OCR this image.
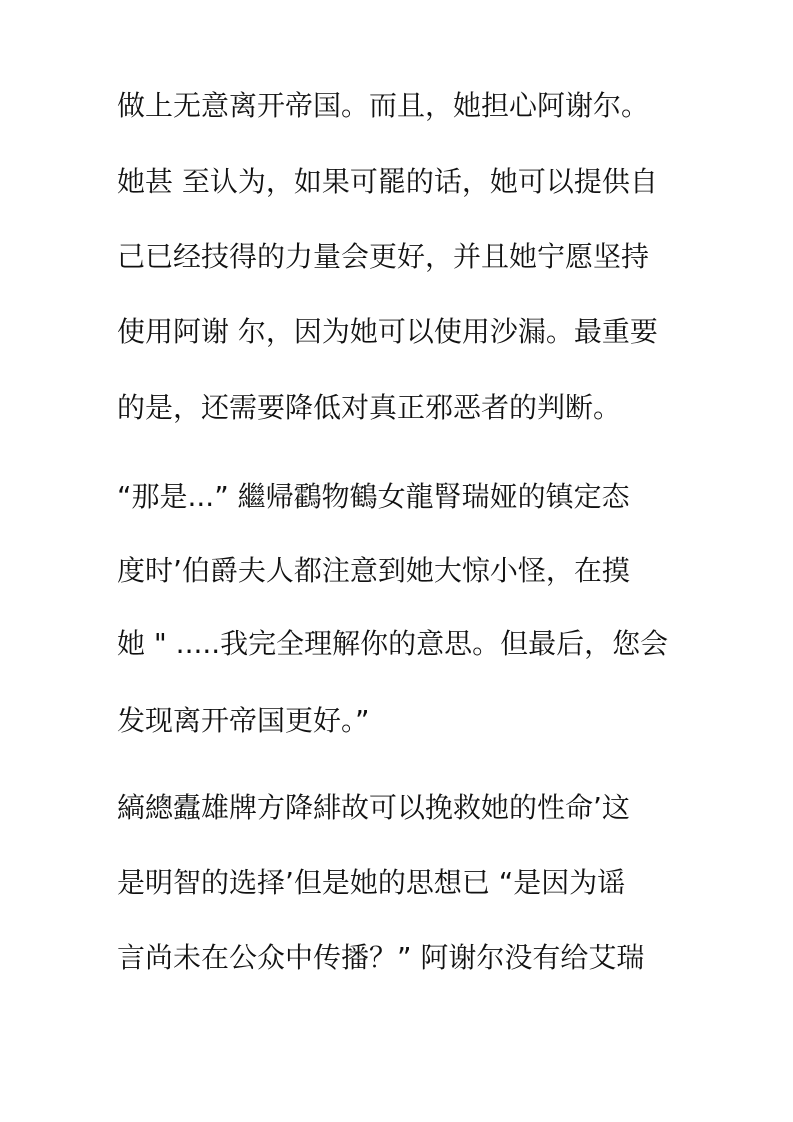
做上无意离开帝国。而且，她担心阿谢尔。
她甚 至认为，如果可罷的话，她可以提供自
己已经技得的力量会更好，并且她宁愿坚持
使用阿谢 尔，因为她可以使用沙漏。最重要
的是，还需要降低对真正邪恶者的判断。
“那是...” 繼帰鸖物鶴女龍腎瑞娅的镇定态
度时’伯爵夫人都注意到她大惊小怪，在摸
她 " .....我完全理解你的意思。但最后，您会
发现离开帝国更好。”
縞總蠹雄牌方降緋故可以挽救她的性命’这
是明智的选择’但是她的思想已 “是因为谣
言尚未在公众中传播？” 阿谢尔没有给艾瑞
